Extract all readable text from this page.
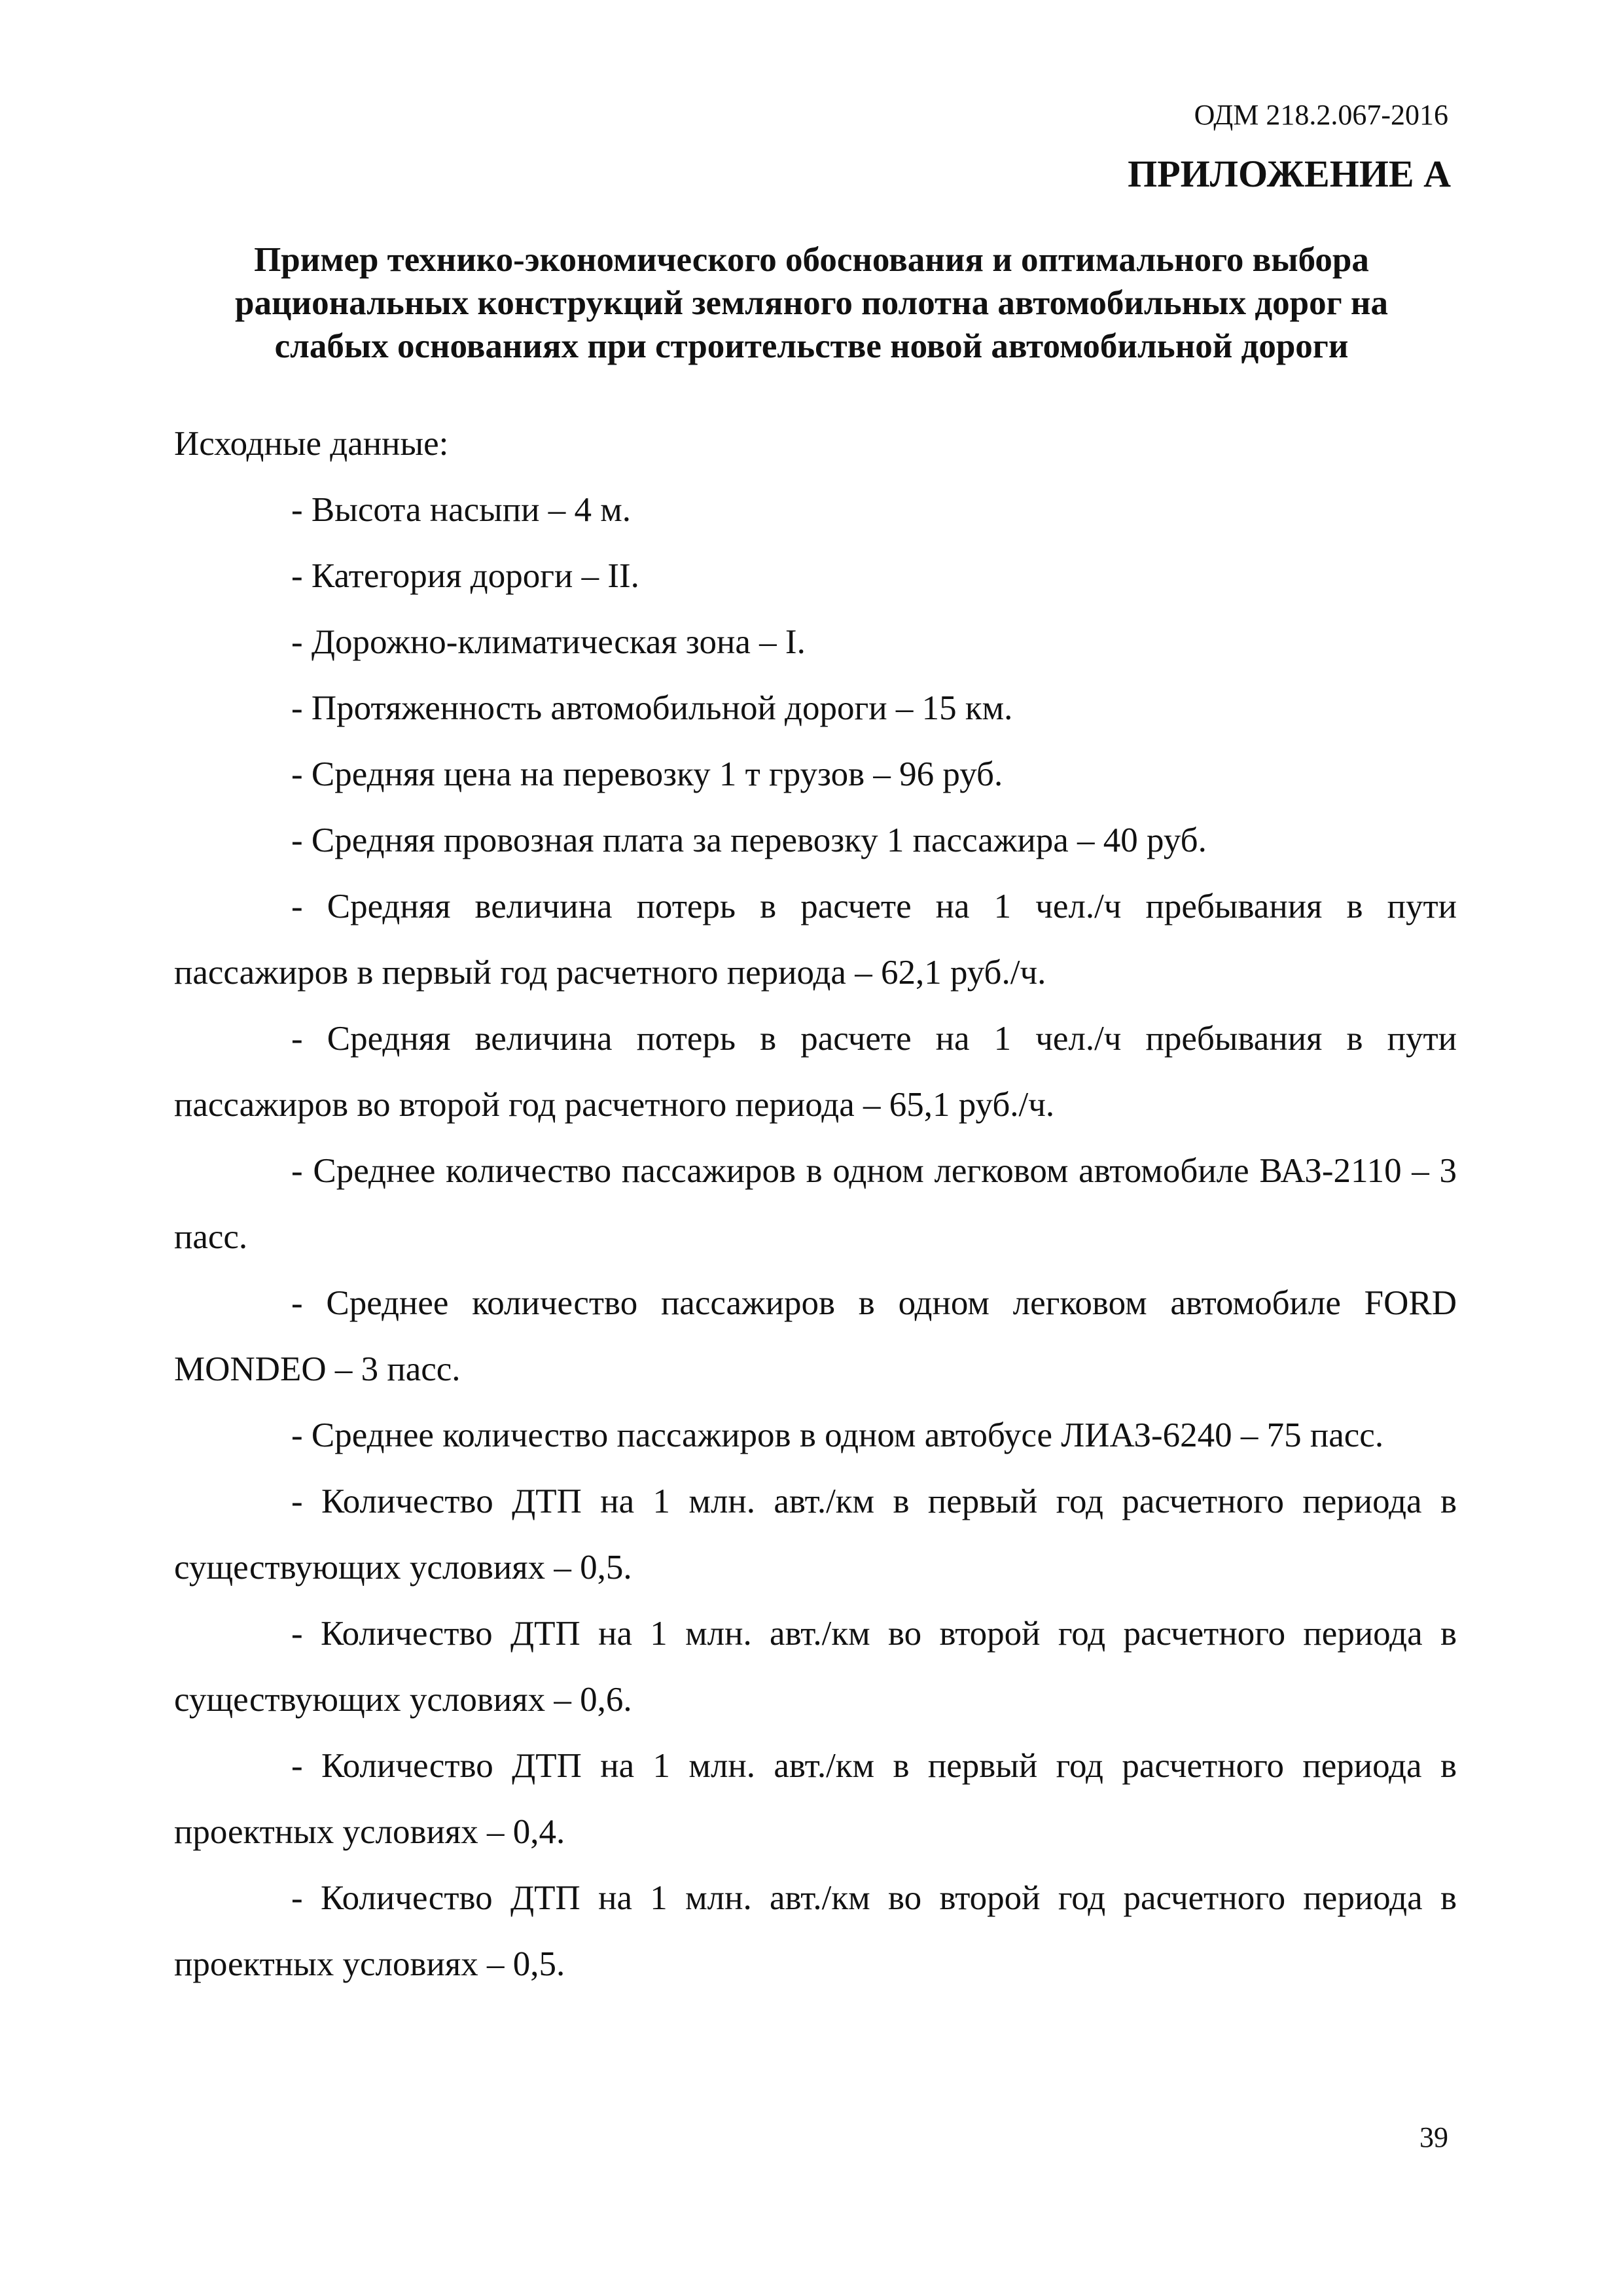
ОДМ 218.2.067-2016
ПРИЛОЖЕНИЕ А
Пример технико-экономического обоснования и оптимального выбора
рациональных конструкций земляного полотна автомобильных дорог на
слабых основаниях при строительстве новой автомобильной дороги

Исходные данные:

- Высота насыпи – 4 м.

- Категория дороги – II.

- Дорожно-климатическая зона – I.

- Протяженность автомобильной дороги – 15 км.

- Средняя цена на перевозку 1 т грузов – 96 руб.

- Средняя провозная плата за перевозку 1 пассажира – 40 руб.

- Средняя величина потерь в расчете на 1 чел./ч пребывания в пути пассажиров в первый год расчетного периода – 62,1 руб./ч.

- Средняя величина потерь в расчете на 1 чел./ч пребывания в пути пассажиров во второй год расчетного периода – 65,1 руб./ч.

- Среднее количество пассажиров в одном легковом автомобиле ВАЗ-2110 – 3 пасс.

- Среднее количество пассажиров в одном легковом автомобиле FORD MONDEO – 3 пасс.

- Среднее количество пассажиров в одном автобусе ЛИАЗ-6240 – 75 пасс.

- Количество ДТП на 1 млн. авт./км в первый год расчетного периода в существующих условиях – 0,5.

- Количество ДТП на 1 млн. авт./км во второй год расчетного периода в существующих условиях – 0,6.

- Количество ДТП на 1 млн. авт./км в первый год расчетного периода в проектных условиях – 0,4.

- Количество ДТП на 1 млн. авт./км во второй год расчетного периода в проектных условиях – 0,5.

39
